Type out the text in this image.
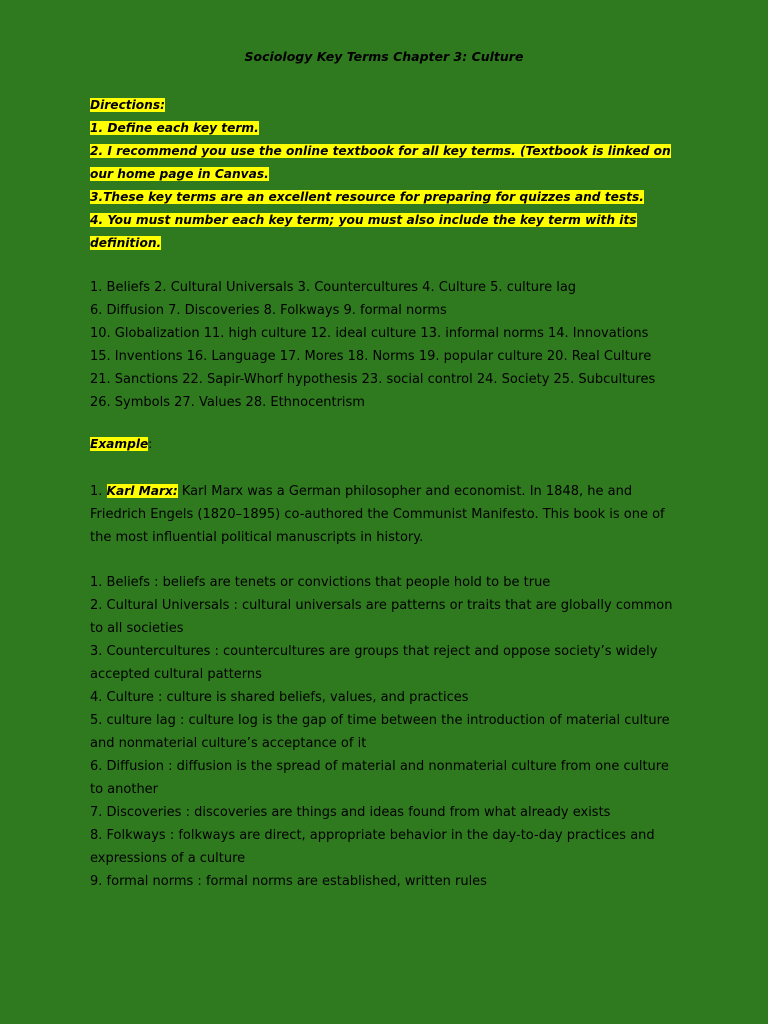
Sociology Key Terms Chapter 3: Culture
Directions:
1. Define each key term.
2. I recommend you use the online textbook for all key terms. (Textbook is linked on our home page in Canvas.
3.These key terms are an excellent resource for preparing for quizzes and tests.
4. You must number each key term; you must also include the key term with its definition.
1. Beliefs 2. Cultural Universals 3. Countercultures 4. Culture 5. culture lag
6. Diffusion 7. Discoveries 8. Folkways 9. formal norms
10. Globalization 11. high culture 12. ideal culture 13. informal norms 14. Innovations
15. Inventions 16. Language 17. Mores 18. Norms 19. popular culture 20. Real Culture
21. Sanctions 22. Sapir-Whorf hypothesis 23. social control 24. Society 25. Subcultures
26. Symbols 27. Values 28. Ethnocentrism
Example:
1. Karl Marx: Karl Marx was a German philosopher and economist. In 1848, he and Friedrich Engels (1820–1895) co-authored the Communist Manifesto. This book is one of the most influential political manuscripts in history.

1. Beliefs : beliefs are tenets or convictions that people hold to be true

2. Cultural Universals : cultural universals are patterns or traits that are globally common to all societies

3. Countercultures : countercultures are groups that reject and oppose society’s widely accepted cultural patterns

4. Culture : culture is shared beliefs, values, and practices

5. culture lag : culture log is the gap of time between the introduction of material culture and nonmaterial culture’s acceptance of it

6. Diffusion : diffusion is the spread of material and nonmaterial culture from one culture to another

7. Discoveries : discoveries are things and ideas found from what already exists

8. Folkways : folkways are direct, appropriate behavior in the day-to-day practices and expressions of a culture

9. formal norms : formal norms are established, written rules
